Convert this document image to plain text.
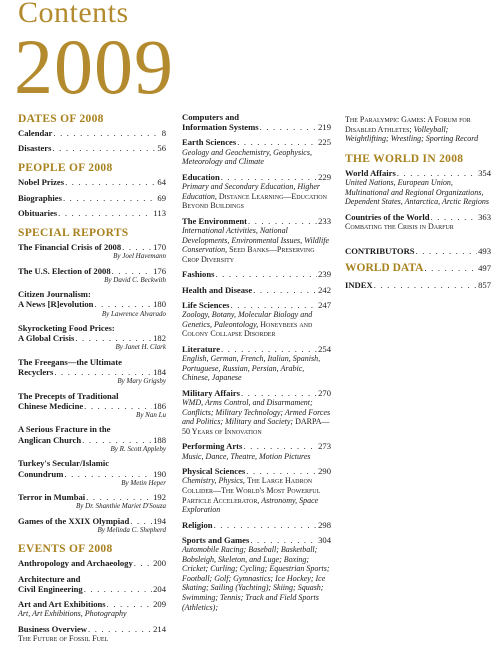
Contents
2009
DATES OF 2008
Calendar . . .	8
Disasters . . .	56
PEOPLE OF 2008
Nobel Prizes . . .	64
Biographies . . .	69
Obituaries . . .	113
SPECIAL REPORTS
The Financial Crisis of 2008 . . .	170
By Joel Havemann
The U.S. Election of 2008 . . .	176
By David C. Beckwith
Citizen Journalism:
A News [R]evolution . . .	180
By Lawrence Alvarado
Skyrocketing Food Prices:
A Global Crisis . . .	182
By Janet H. Clark
The Freegans—the Ultimate
Recyclers . . .	184
By Mary Grigsby
The Precepts of Traditional
Chinese Medicine . . .	186
By Nan Lu
A Serious Fracture in the
Anglican Church . . .	188
By R. Scott Appleby
Turkey's Secular/Islamic
Conundrum . . .	190
By Metin Heper
Terror in Mumbai . . .	192
By Dr. Shanthie Mariet D'Souza
Games of the XXIX Olympiad . . .	194
By Melinda C. Shepherd
EVENTS OF 2008
Anthropology and Archaeology . . . 200
Architecture and
Civil Engineering . . .	204
Art and Art Exhibitions . . .	209
Art, Art Exhibitions, Photography
Business Overview . . .	214
The Future of Fossil Fuel
Computers and
Information Systems . . .	219
Earth Sciences . . .	225
Geology and Geochemistry, Geophysics, Meteorology and Climate
Education . . .	229
Primary and Secondary Education, Higher Education, Distance Learning—Education Beyond Buildings
The Environment . . .	233
International Activities, National Developments, Environmental Issues, Wildlife Conservation, Seed Banks—Preserving Crop Diversity
Fashions . . .	239
Health and Disease . . .	242
Life Sciences . . .	247
Zoology, Botany, Molecular Biology and Genetics, Paleontology, Honeybees and Colony Collapse Disorder
Literature . . .	254
English, German, French, Italian, Spanish, Portuguese, Russian, Persian, Arabic, Chinese, Japanese
Military Affairs . . .	270
WMD, Arms Control, and Disarmament; Conflicts; Military Technology; Armed Forces and Politics; Military and Society; DARPA—50 Years of Innovation
Performing Arts . . .	273
Music, Dance, Theatre, Motion Pictures
Physical Sciences . . .	290
Chemistry, Physics, The Large Hadron Collider—The World's Most Powerful Particle Accelerator, Astronomy, Space Exploration
Religion . . .	298
Sports and Games . . .	304
Automobile Racing; Baseball; Basketball; Bobsleigh, Skeleton, and Luge; Boxing; Cricket; Curling; Cycling; Equestrian Sports; Football; Golf; Gymnastics; Ice Hockey; Ice Skating; Sailing (Yachting); Skiing; Squash; Swimming; Tennis; Track and Field Sports (Athletics);
The Paralympic Games: A Forum for Disabled Athletes; Volleyball; Weightlifting; Wrestling; Sporting Record
THE WORLD IN 2008
World Affairs . . .	354
United Nations, European Union, Multinational and Regional Organizations, Dependent States, Antarctica, Arctic Regions
Countries of the World . . .	363
Combating the Crisis in Darfur
CONTRIBUTORS . . .	493
WORLD DATA . . .	497
INDEX . . .	857
